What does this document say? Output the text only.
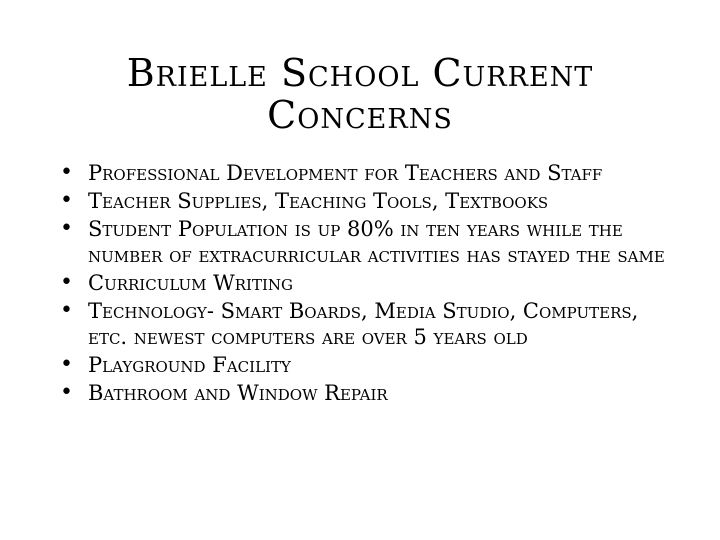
Brielle School Current
Concerns
• Professional Development for Teachers and Staff
• Teacher Supplies, Teaching Tools, Textbooks
• Student Population is up 80% in ten years while the number of extracurricular activities has stayed the same
• Curriculum Writing
• Technology- Smart Boards, Media Studio, Computers, etc. newest computers are over 5 years old
• Playground Facility
• Bathroom and Window Repair
